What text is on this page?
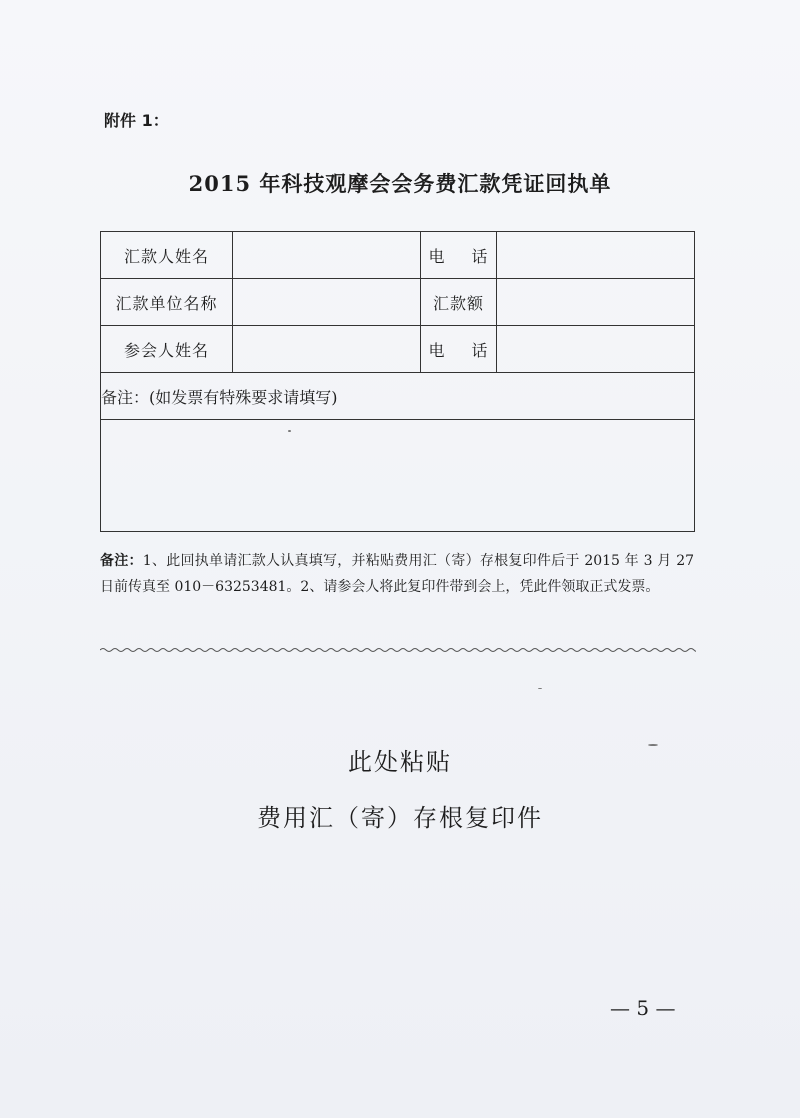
附件 1：
2015 年科技观摩会会务费汇款凭证回执单
汇款人姓名		电 话	
汇款单位名称		汇款额	
参会人姓名		电 话	
备注：(如发票有特殊要求请填写)			

备注：1、此回执单请汇款人认真填写，并粘贴费用汇（寄）存根复印件后于 2015 年 3 月 27 日前传真至 010－63253481。2、请参会人将此复印件带到会上，凭此件领取正式发票。
此处粘贴
费用汇（寄）存根复印件
— 5 —
